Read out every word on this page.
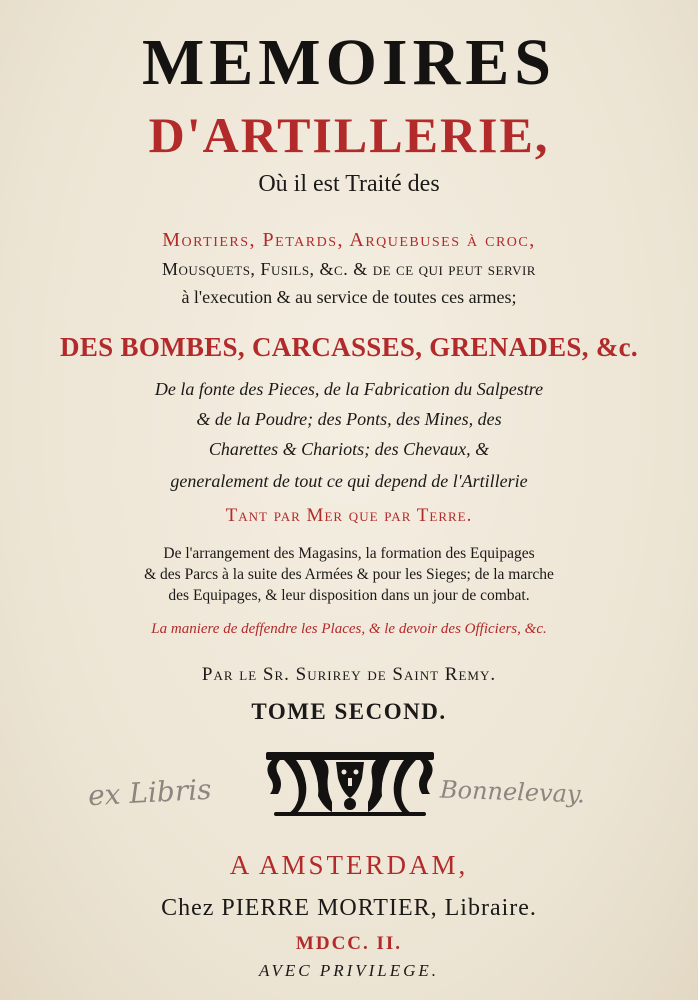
MEMOIRES
D'ARTILLERIE,
Où il est Traité des
Mortiers, Petards, Arquebuses à croc,
Mousquets, Fusils, &c. & de ce qui peut servir
à l'execution & au service de toutes ces armes;
DES BOMBES, CARCASSES, GRENADES, &c.
De la fonte des Pieces, de la Fabrication du Salpestre
& de la Poudre; des Ponts, des Mines, des
Charettes & Chariots; des Chevaux, &
generalement de tout ce qui depend de l'Artillerie
Tant par Mer que par Terre.
De l'arrangement des Magasins, la formation des Equipages
& des Parcs à la suite des Armées & pour les Sieges; de la marche
des Equipages, & leur disposition dans un jour de combat.
La maniere de deffendre les Places, & le devoir des Officiers, &c.
Par le Sr. Surirey de Saint Remy.
TOME SECOND.
ex Libris	Bonnelevay.
A AMSTERDAM,
Chez PIERRE MORTIER, Libraire.
MDCC. II.
AVEC PRIVILEGE.
